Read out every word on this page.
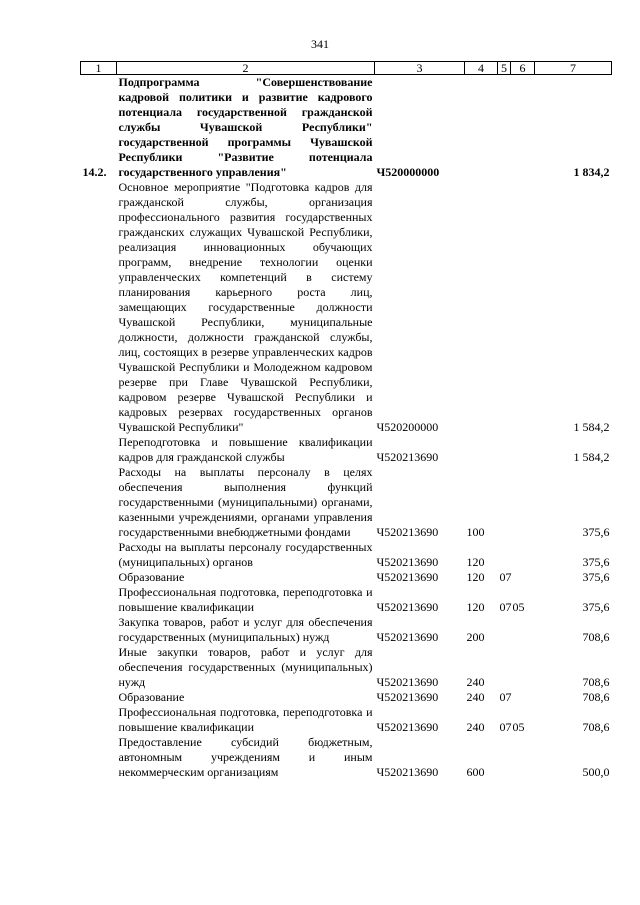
341
1	2	3	4	5	6	7
14.2.	Подпрограмма "Совершенствование кадровой политики и развитие кадрового потенциала государственной гражданской службы Чувашской Республики" государственной программы Чувашской Республики "Развитие потенциала государственного управления"	Ч520000000				1 834,2
	Основное мероприятие "Подготовка кадров для гражданской службы, организация профессионального развития государственных гражданских служащих Чувашской Республики, реализация инновационных обучающих программ, внедрение технологии оценки управленческих компетенций в систему планирования карьерного роста лиц, замещающих государственные должности Чувашской Республики, муниципальные должности, должности гражданской службы, лиц, состоящих в резерве управленческих кадров Чувашской Республики и Молодежном кадровом резерве при Главе Чувашской Республики, кадровом резерве Чувашской Республики и кадровых резервах государственных органов Чувашской Республики"	Ч520200000				1 584,2
	Переподготовка и повышение квалификации кадров для гражданской службы	Ч520213690				1 584,2
	Расходы на выплаты персоналу в целях обеспечения выполнения функций государственными (муниципальными) органами, казенными учреждениями, органами управления государственными внебюджетными фондами	Ч520213690	100			375,6
	Расходы на выплаты персоналу государственных (муниципальных) органов	Ч520213690	120			375,6
	Образование	Ч520213690	120	07		375,6
	Профессиональная подготовка, переподготовка и повышение квалификации	Ч520213690	120	07	05	375,6
	Закупка товаров, работ и услуг для обеспечения государственных (муниципальных) нужд	Ч520213690	200			708,6
	Иные закупки товаров, работ и услуг для обеспечения государственных (муниципальных) нужд	Ч520213690	240			708,6
	Образование	Ч520213690	240	07		708,6
	Профессиональная подготовка, переподготовка и повышение квалификации	Ч520213690	240	07	05	708,6
	Предоставление субсидий бюджетным, автономным учреждениям и иным некоммерческим организациям	Ч520213690	600			500,0
